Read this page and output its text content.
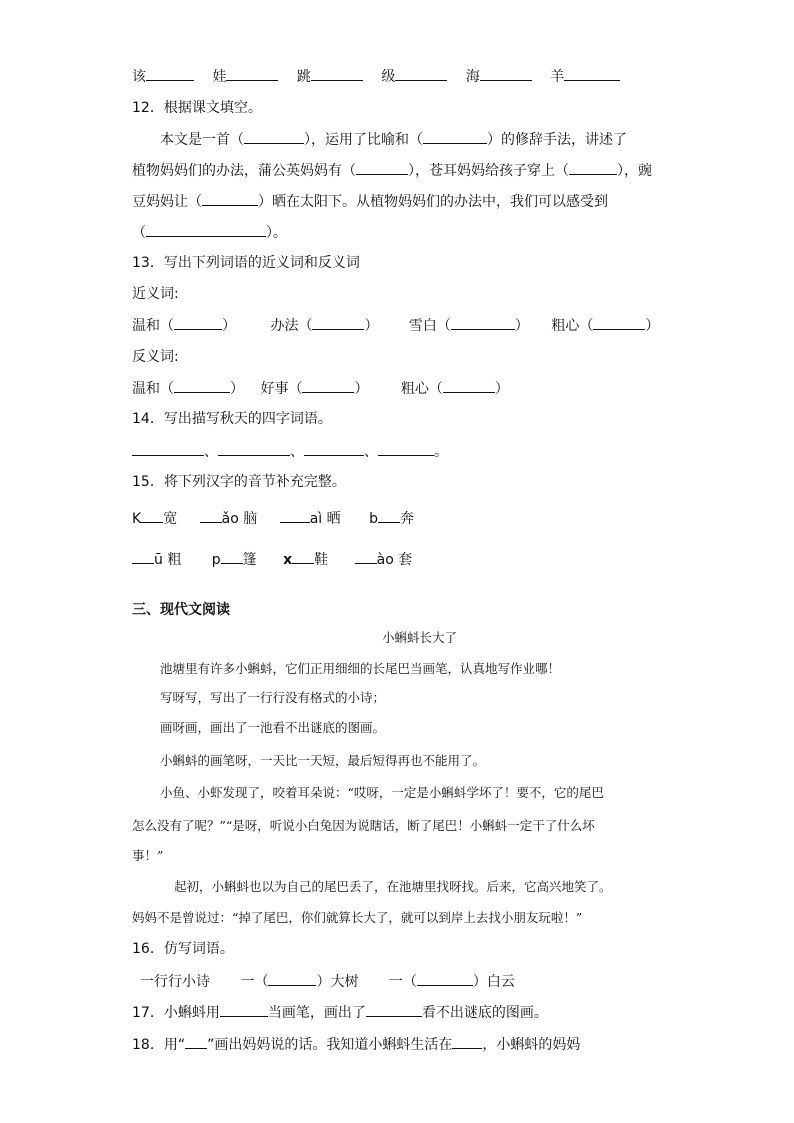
该	娃	跳	级	海	羊
12．根据课文填空。
本文是一首（	），运用了比喻和（	）的修辞手法，讲述了
植物妈妈们的办法，蒲公英妈妈有（	），苍耳妈妈给孩子穿上（	），豌
豆妈妈让（	）晒在太阳下。从植物妈妈们的办法中，我们可以感受到
（	）。
13．写出下列词语的近义词和反义词
近义词:
温和（	） 办法（	） 雪白（	） 粗心（	）
反义词:
温和（	） 好事（	） 粗心（	）
14．写出描写秋天的四字词语。
、	、	、	。
15．将下列汉字的音节补充完整。
K 宽	ǎo 脑	aì 晒 b 奔
ū 粗 p 篷 x 鞋	ào 套
三、现代文阅读
小蝌蚪长大了
池塘里有许多小蝌蚪，它们正用细细的长尾巴当画笔，认真地写作业哪！
写呀写，写出了一行行没有格式的小诗；
画呀画，画出了一池看不出谜底的图画。
小蝌蚪的画笔呀，一天比一天短，最后短得再也不能用了。
小鱼、小虾发现了，咬着耳朵说：“哎呀，一定是小蝌蚪学坏了！要不，它的尾巴
怎么没有了呢？”“是呀，听说小白兔因为说瞎话，断了尾巴！小蝌蚪一定干了什么坏
事！”
起初，小蝌蚪也以为自己的尾巴丢了，在池塘里找呀找。后来，它高兴地笑了。
妈妈不是曾说过：“掉了尾巴，你们就算长大了，就可以到岸上去找小朋友玩啦！”
16．仿写词语。
一行行小诗 一（	）大树 一（	）白云
17．小蝌蚪用	当画笔，画出了	看不出谜底的图画。
18．用“ ”画出妈妈说的话。我知道小蝌蚪生活在 ，小蝌蚪的妈妈
